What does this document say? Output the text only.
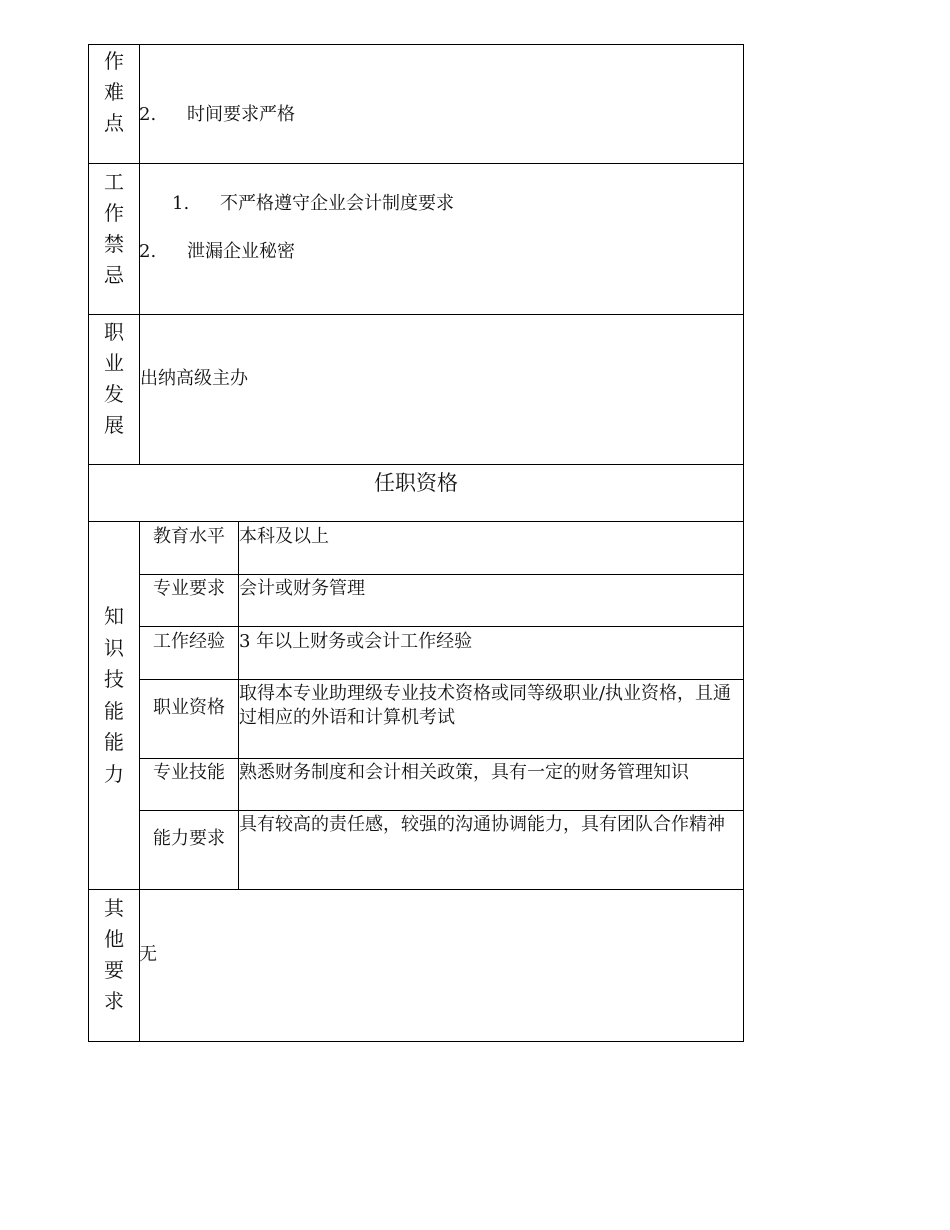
作
难
点 2. 时间要求严格
工
作
禁
忌
1. 不严格遵守企业会计制度要求
2. 泄漏企业秘密
职
业
发
展
出纳高级主办
任职资格
知
识
技
能
能
力
教育水平 本科及以上
专业要求 会计或财务管理
工作经验 3 年以上财务或会计工作经验
职业资格
取得本专业助理级专业技术资格或同等级职业/执业资格，且通过相应的外语和计算机考试
专业技能 熟悉财务制度和会计相关政策，具有一定的财务管理知识
能力要求
具有较高的责任感，较强的沟通协调能力，具有团队合作精神
其
他
要
求
无
